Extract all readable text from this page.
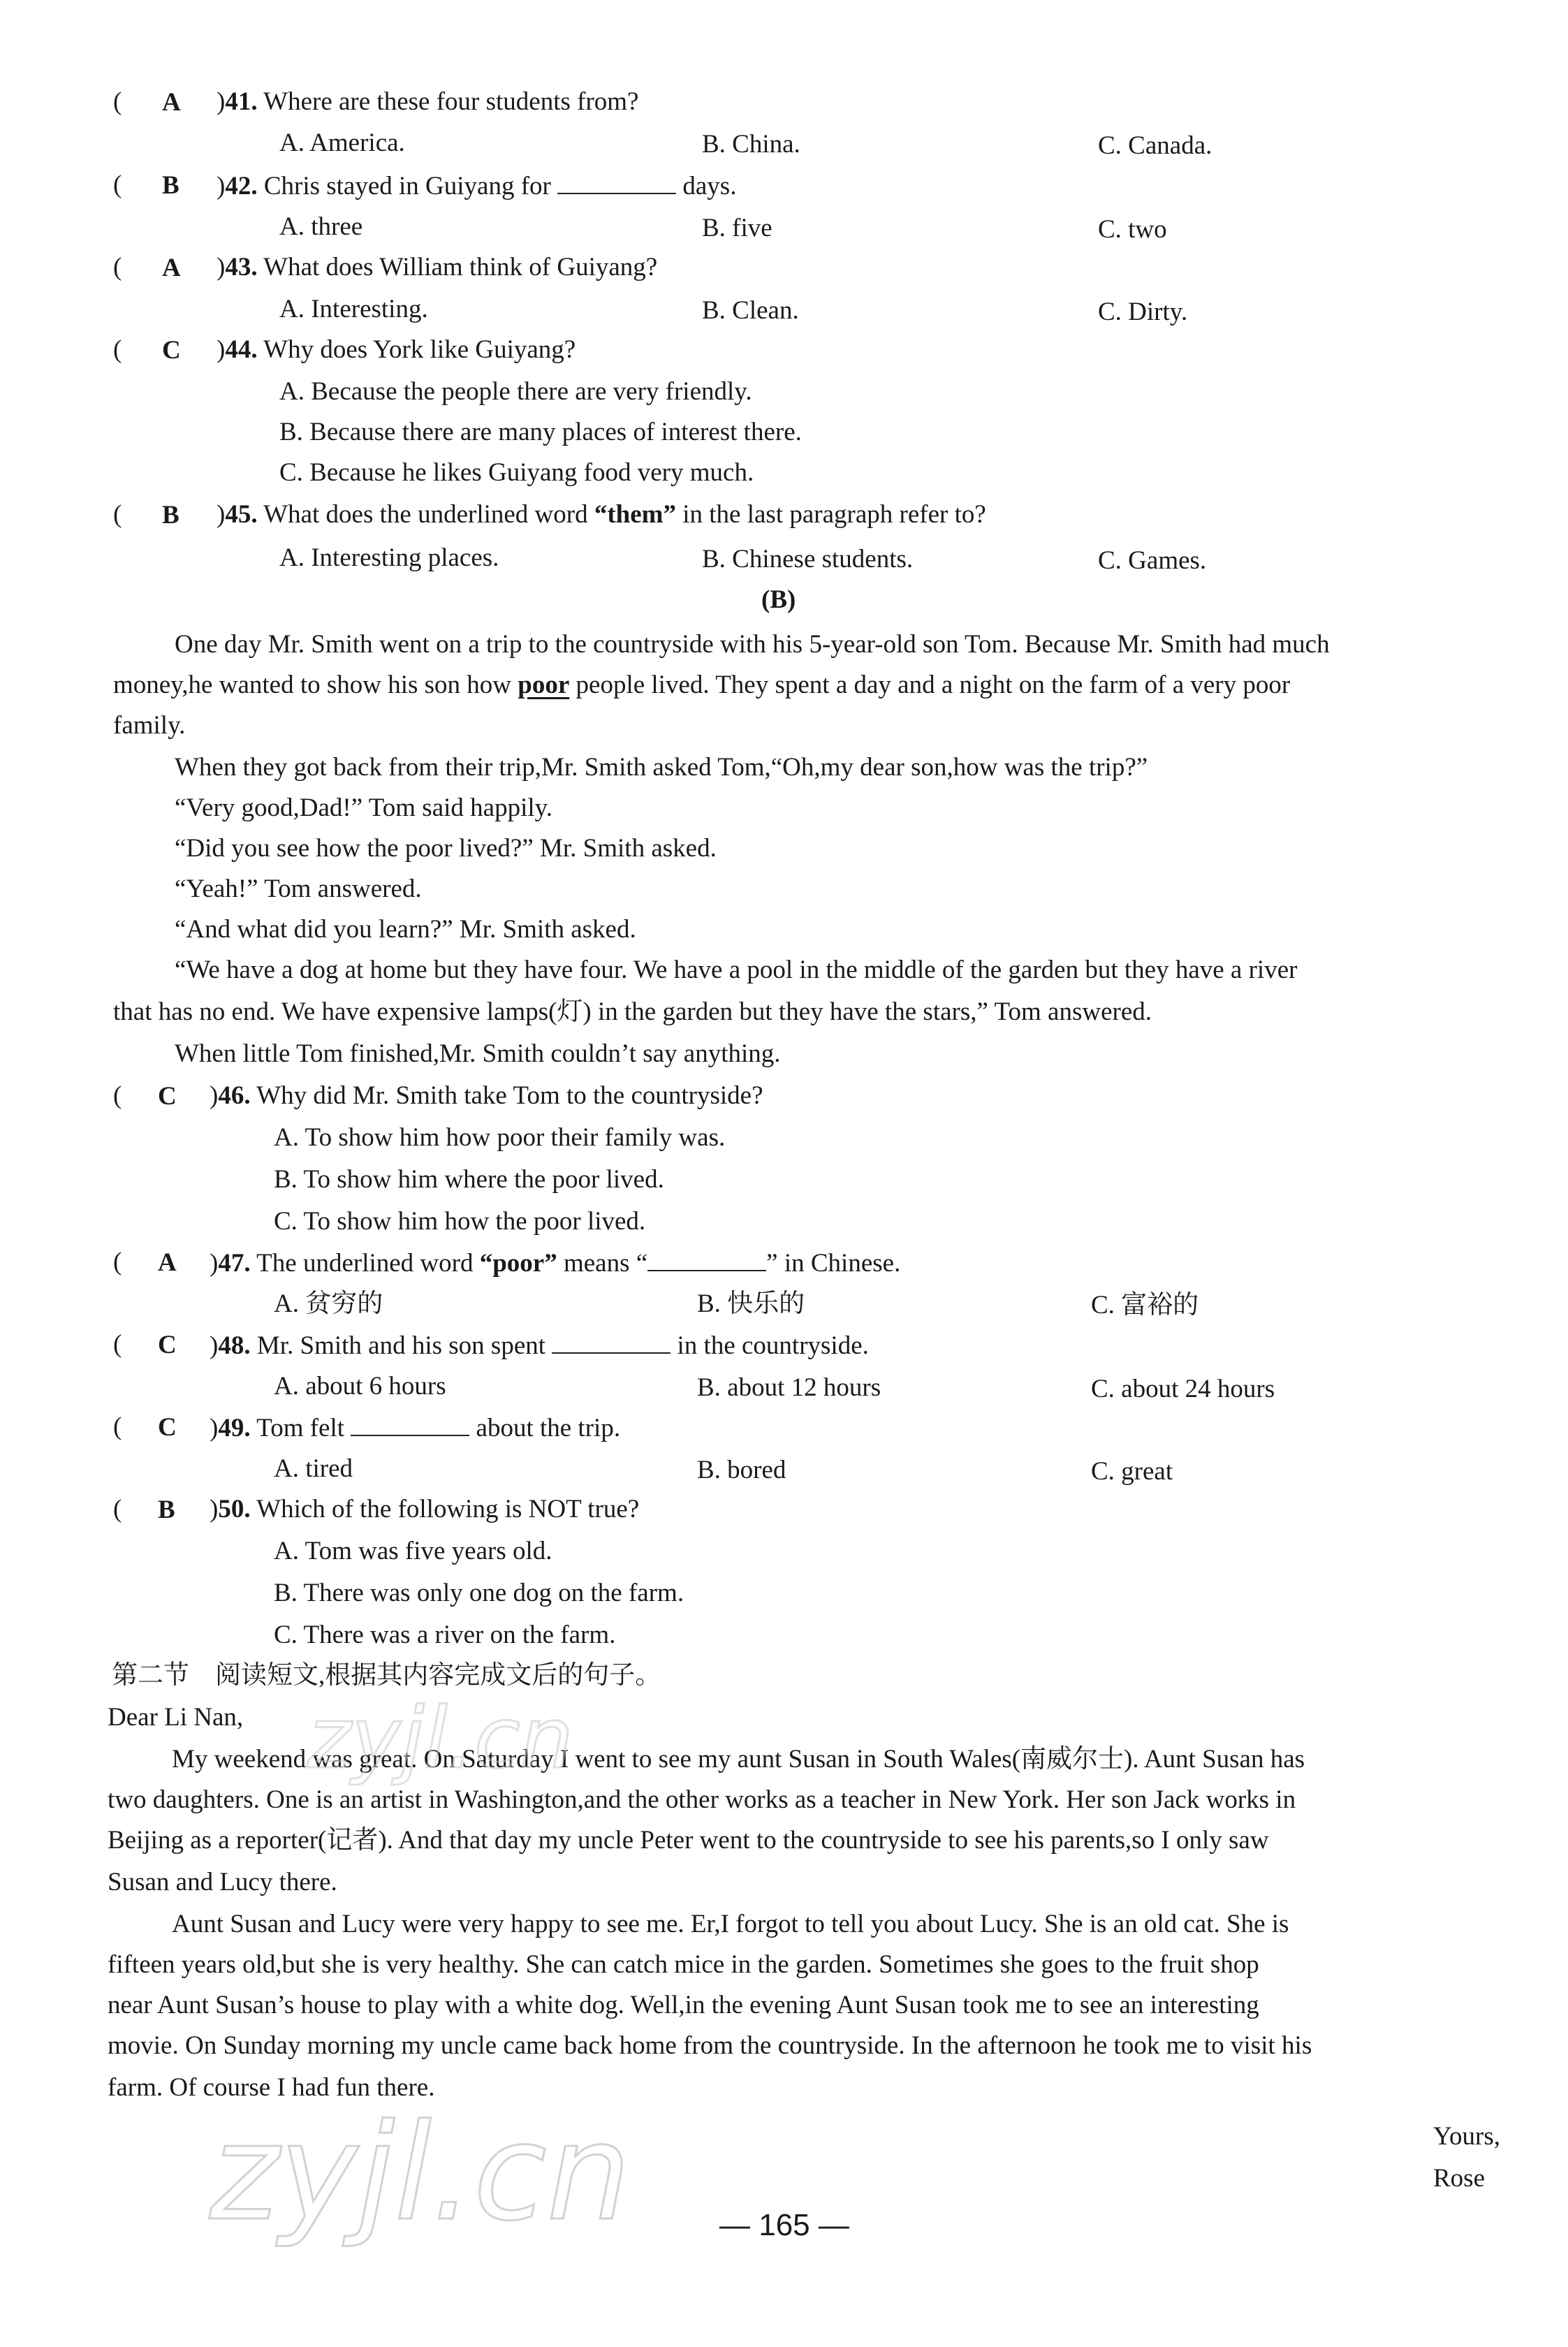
( A )41. Where are these four students from?
A. America.	B. China.	C. Canada.
( B )42. Chris stayed in Guiyang for	days.
A. three	B. five	C. two
( A )43. What does William think of Guiyang?
A. Interesting.	B. Clean.	C. Dirty.
( C )44. Why does York like Guiyang?
A. Because the people there are very friendly.
B. Because there are many places of interest there.
C. Because he likes Guiyang food very much.
( B )45. What does the underlined word “them” in the last paragraph refer to?
A. Interesting places.	B. Chinese students.	C. Games.
(B)
One day Mr. Smith went on a trip to the countryside with his 5-year-old son Tom. Because Mr. Smith had much
money,he wanted to show his son how poor people lived. They spent a day and a night on the farm of a very poor
family.
When they got back from their trip,Mr. Smith asked Tom,“Oh,my dear son,how was the trip?”
“Very good,Dad!” Tom said happily.
“Did you see how the poor lived?” Mr. Smith asked.
“Yeah!” Tom answered.
“And what did you learn?” Mr. Smith asked.
“We have a dog at home but they have four. We have a pool in the middle of the garden but they have a river
that has no end. We have expensive lamps(灯) in the garden but they have the stars,” Tom answered.
When little Tom finished,Mr. Smith couldn’t say anything.
( C )46. Why did Mr. Smith take Tom to the countryside?
A. To show him how poor their family was.
B. To show him where the poor lived.
C. To show him how the poor lived.
( A )47. The underlined word “poor” means “	” in Chinese.
A. 贫穷的	B. 快乐的	C. 富裕的
( C )48. Mr. Smith and his son spent	in the countryside.
A. about 6 hours	B. about 12 hours	C. about 24 hours
( C )49. Tom felt	about the trip.
A. tired	B. bored	C. great
( B )50. Which of the following is NOT true?
A. Tom was five years old.
B. There was only one dog on the farm.
C. There was a river on the farm.
第二节　阅读短文,根据其内容完成文后的句子。
Dear Li Nan,
My weekend was great. On Saturday I went to see my aunt Susan in South Wales(南威尔士). Aunt Susan has
two daughters. One is an artist in Washington,and the other works as a teacher in New York. Her son Jack works in
Beijing as a reporter(记者). And that day my uncle Peter went to the countryside to see his parents,so I only saw
Susan and Lucy there.
Aunt Susan and Lucy were very happy to see me. Er,I forgot to tell you about Lucy. She is an old cat. She is
fifteen years old,but she is very healthy. She can catch mice in the garden. Sometimes she goes to the fruit shop
near Aunt Susan’s house to play with a white dog. Well,in the evening Aunt Susan took me to see an interesting
movie. On Sunday morning my uncle came back home from the countryside. In the afternoon he took me to visit his
farm. Of course I had fun there.
Yours,
Rose
zyjl.cn
zyjl.cn	— 165 —
